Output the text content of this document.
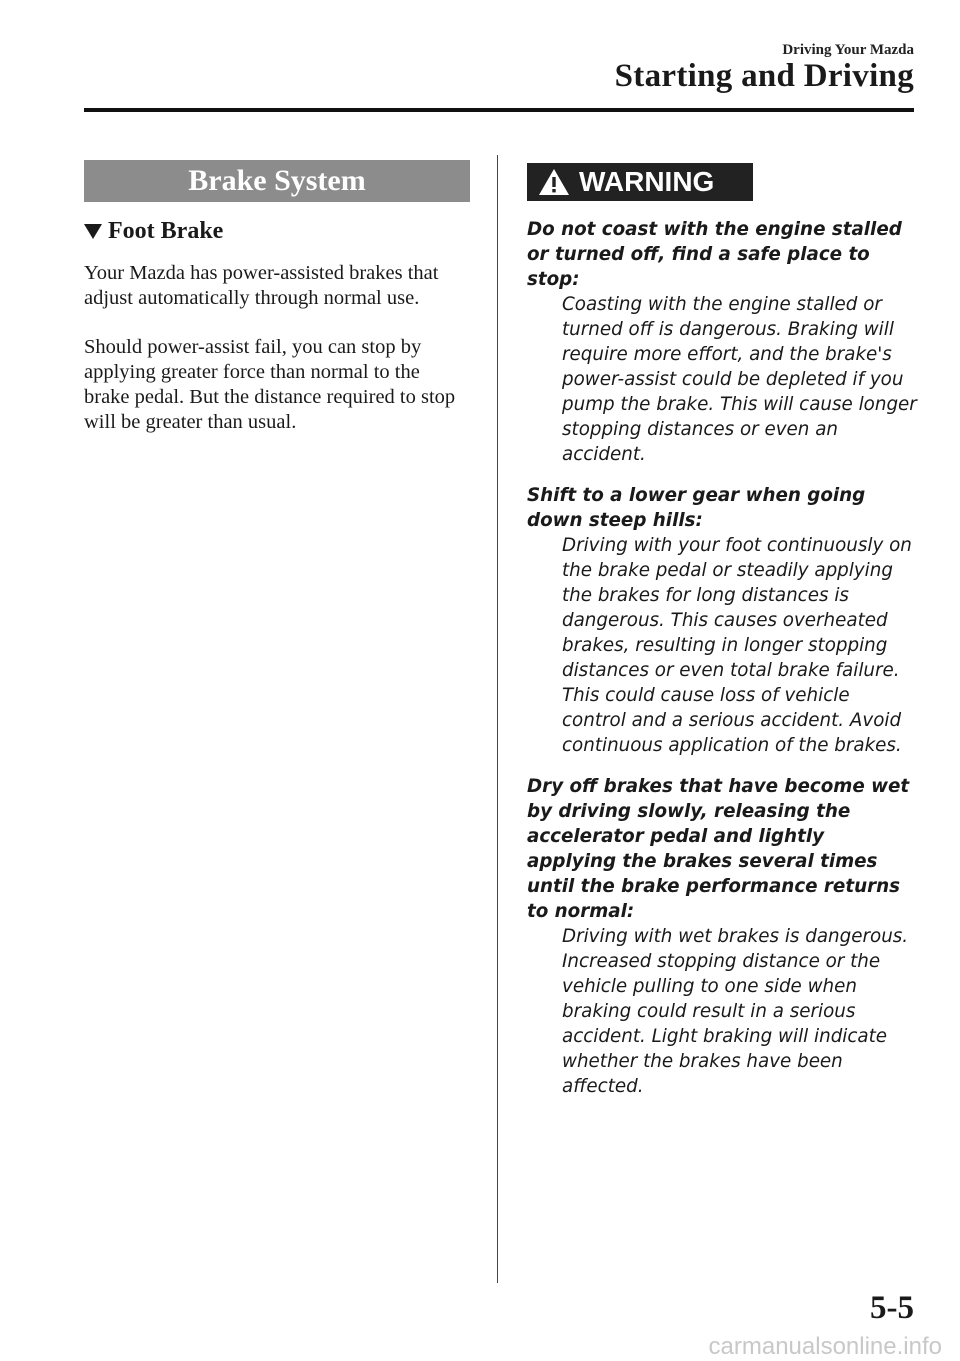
Driving Your Mazda
Starting and Driving
Brake System
Foot Brake

Your Mazda has power-assisted brakes that adjust automatically through normal use.

Should power-assist fail, you can stop by applying greater force than normal to the brake pedal. But the distance required to stop will be greater than usual.

WARNING
Do not coast with the engine stalled or turned off, find a safe place to stop:
Coasting with the engine stalled or turned off is dangerous. Braking will require more effort, and the brake's power-assist could be depleted if you pump the brake. This will cause longer stopping distances or even an accident.
Shift to a lower gear when going down steep hills:
Driving with your foot continuously on the brake pedal or steadily applying the brakes for long distances is dangerous. This causes overheated brakes, resulting in longer stopping distances or even total brake failure. This could cause loss of vehicle control and a serious accident. Avoid continuous application of the brakes.
Dry off brakes that have become wet by driving slowly, releasing the accelerator pedal and lightly applying the brakes several times until the brake performance returns to normal:
Driving with wet brakes is dangerous. Increased stopping distance or the vehicle pulling to one side when braking could result in a serious accident. Light braking will indicate whether the brakes have been affected.
5-5
carmanualsonline.info
